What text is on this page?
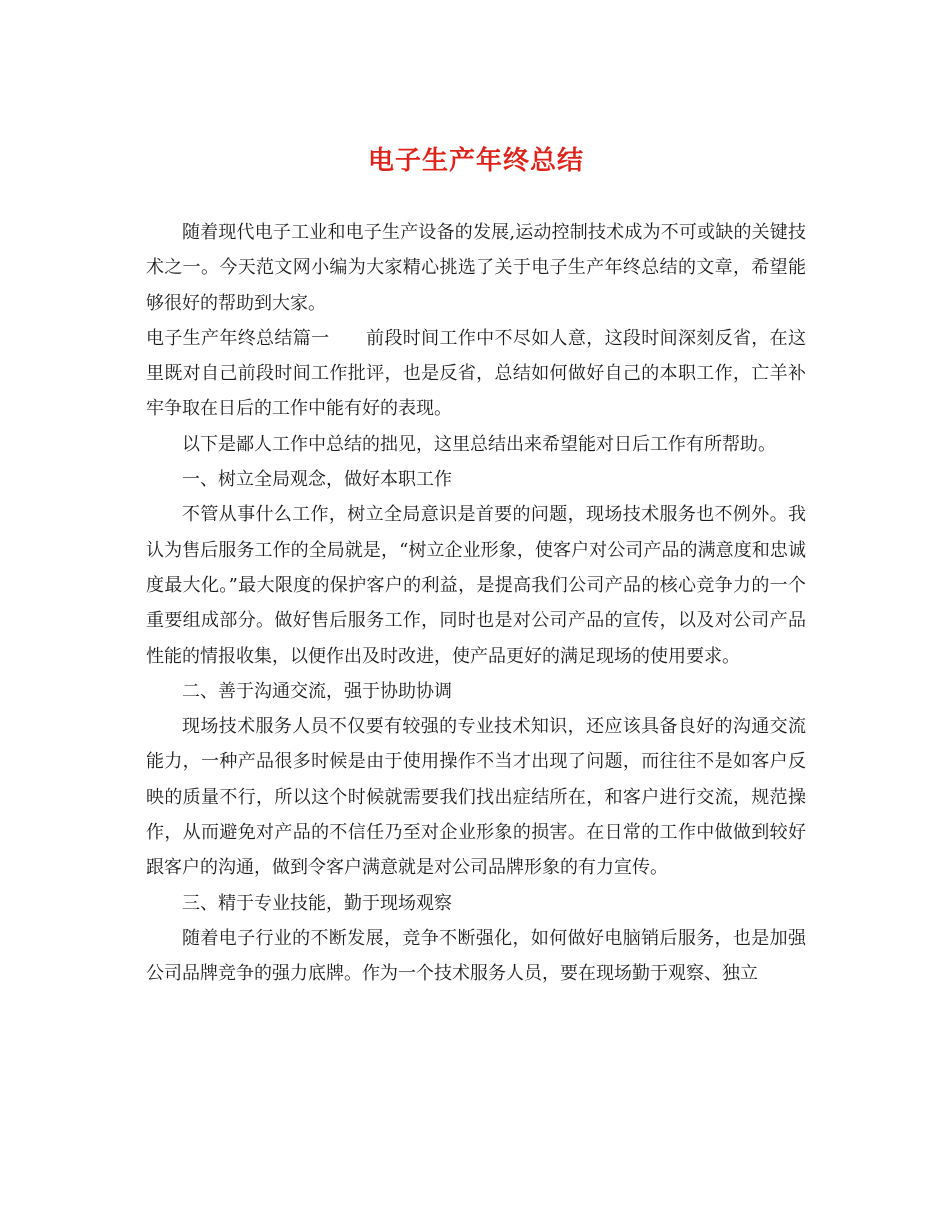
电子生产年终总结

随着现代电子工业和电子生产设备的发展,运动控制技术成为不可或缺的关键技术之一。今天范文网小编为大家精心挑选了关于电子生产年终总结的文章，希望能够很好的帮助到大家。

电子生产年终总结篇一　　前段时间工作中不尽如人意，这段时间深刻反省，在这里既对自己前段时间工作批评，也是反省，总结如何做好自己的本职工作，亡羊补牢争取在日后的工作中能有好的表现。

以下是鄙人工作中总结的拙见，这里总结出来希望能对日后工作有所帮助。

一、树立全局观念，做好本职工作

不管从事什么工作，树立全局意识是首要的问题，现场技术服务也不例外。我认为售后服务工作的全局就是，“树立企业形象，使客户对公司产品的满意度和忠诚度最大化。”最大限度的保护客户的利益，是提高我们公司产品的核心竞争力的一个重要组成部分。做好售后服务工作，同时也是对公司产品的宣传，以及对公司产品性能的情报收集，以便作出及时改进，使产品更好的满足现场的使用要求。

二、善于沟通交流，强于协助协调

现场技术服务人员不仅要有较强的专业技术知识，还应该具备良好的沟通交流能力，一种产品很多时候是由于使用操作不当才出现了问题，而往往不是如客户反映的质量不行，所以这个时候就需要我们找出症结所在，和客户进行交流，规范操作，从而避免对产品的不信任乃至对企业形象的损害。在日常的工作中做做到较好跟客户的沟通，做到令客户满意就是对公司品牌形象的有力宣传。

三、精于专业技能，勤于现场观察

随着电子行业的不断发展，竞争不断强化，如何做好电脑销后服务，也是加强公司品牌竞争的强力底牌。作为一个技术服务人员，要在现场勤于观察、独立
